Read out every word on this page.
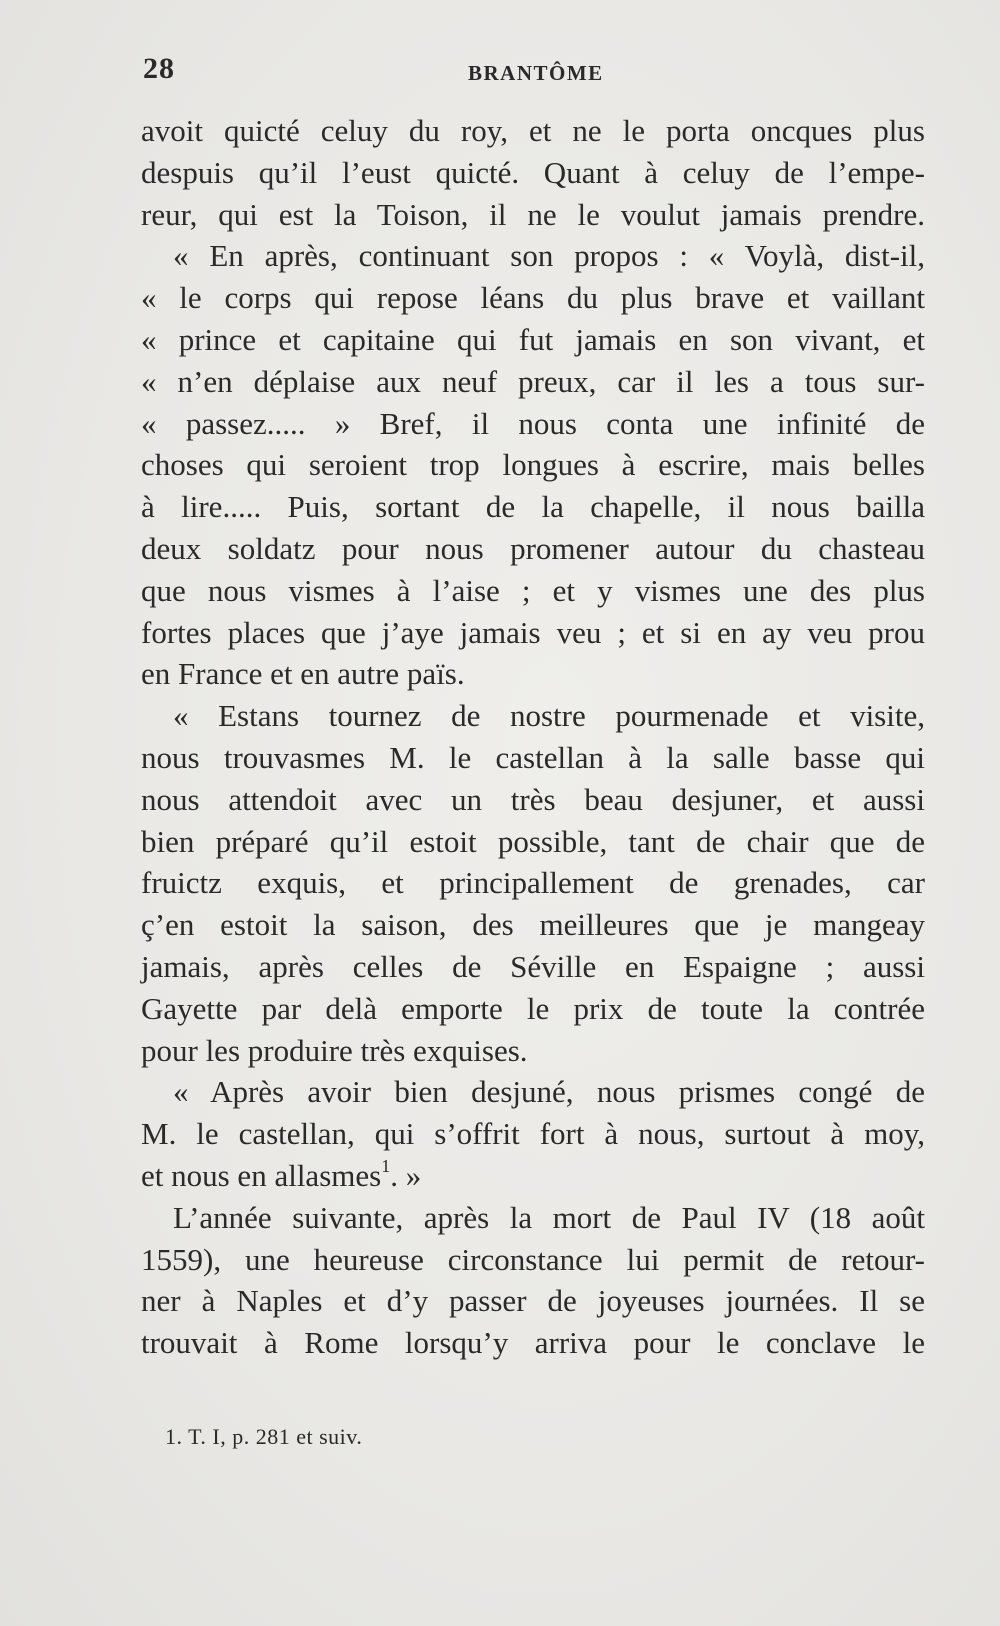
28	BRANTÔME
avoit quicté celuy du roy, et ne le porta oncques plus
despuis qu’il l’eust quicté. Quant à celuy de l’empe-
reur, qui est la Toison, il ne le voulut jamais prendre.
« En après, continuant son propos : « Voylà, dist-il,
« le corps qui repose léans du plus brave et vaillant
« prince et capitaine qui fut jamais en son vivant, et
« n’en déplaise aux neuf preux, car il les a tous sur-
« passez..... » Bref, il nous conta une infinité de
choses qui seroient trop longues à escrire, mais belles
à lire..... Puis, sortant de la chapelle, il nous bailla
deux soldatz pour nous promener autour du chasteau
que nous vismes à l’aise ; et y vismes une des plus
fortes places que j’aye jamais veu ; et si en ay veu prou
en France et en autre païs.
« Estans tournez de nostre pourmenade et visite,
nous trouvasmes M. le castellan à la salle basse qui
nous attendoit avec un très beau desjuner, et aussi
bien préparé qu’il estoit possible, tant de chair que de
fruictz exquis, et principallement de grenades, car
ç’en estoit la saison, des meilleures que je mangeay
jamais, après celles de Séville en Espaigne ; aussi
Gayette par delà emporte le prix de toute la contrée
pour les produire très exquises.
« Après avoir bien desjuné, nous prismes congé de
M. le castellan, qui s’offrit fort à nous, surtout à moy,
et nous en allasmes$^1$. »
L’année suivante, après la mort de Paul IV (18 août
1559), une heureuse circonstance lui permit de retour-
ner à Naples et d’y passer de joyeuses journées. Il se
trouvait à Rome lorsqu’y arriva pour le conclave le
1. T. I, p. 281 et suiv.
